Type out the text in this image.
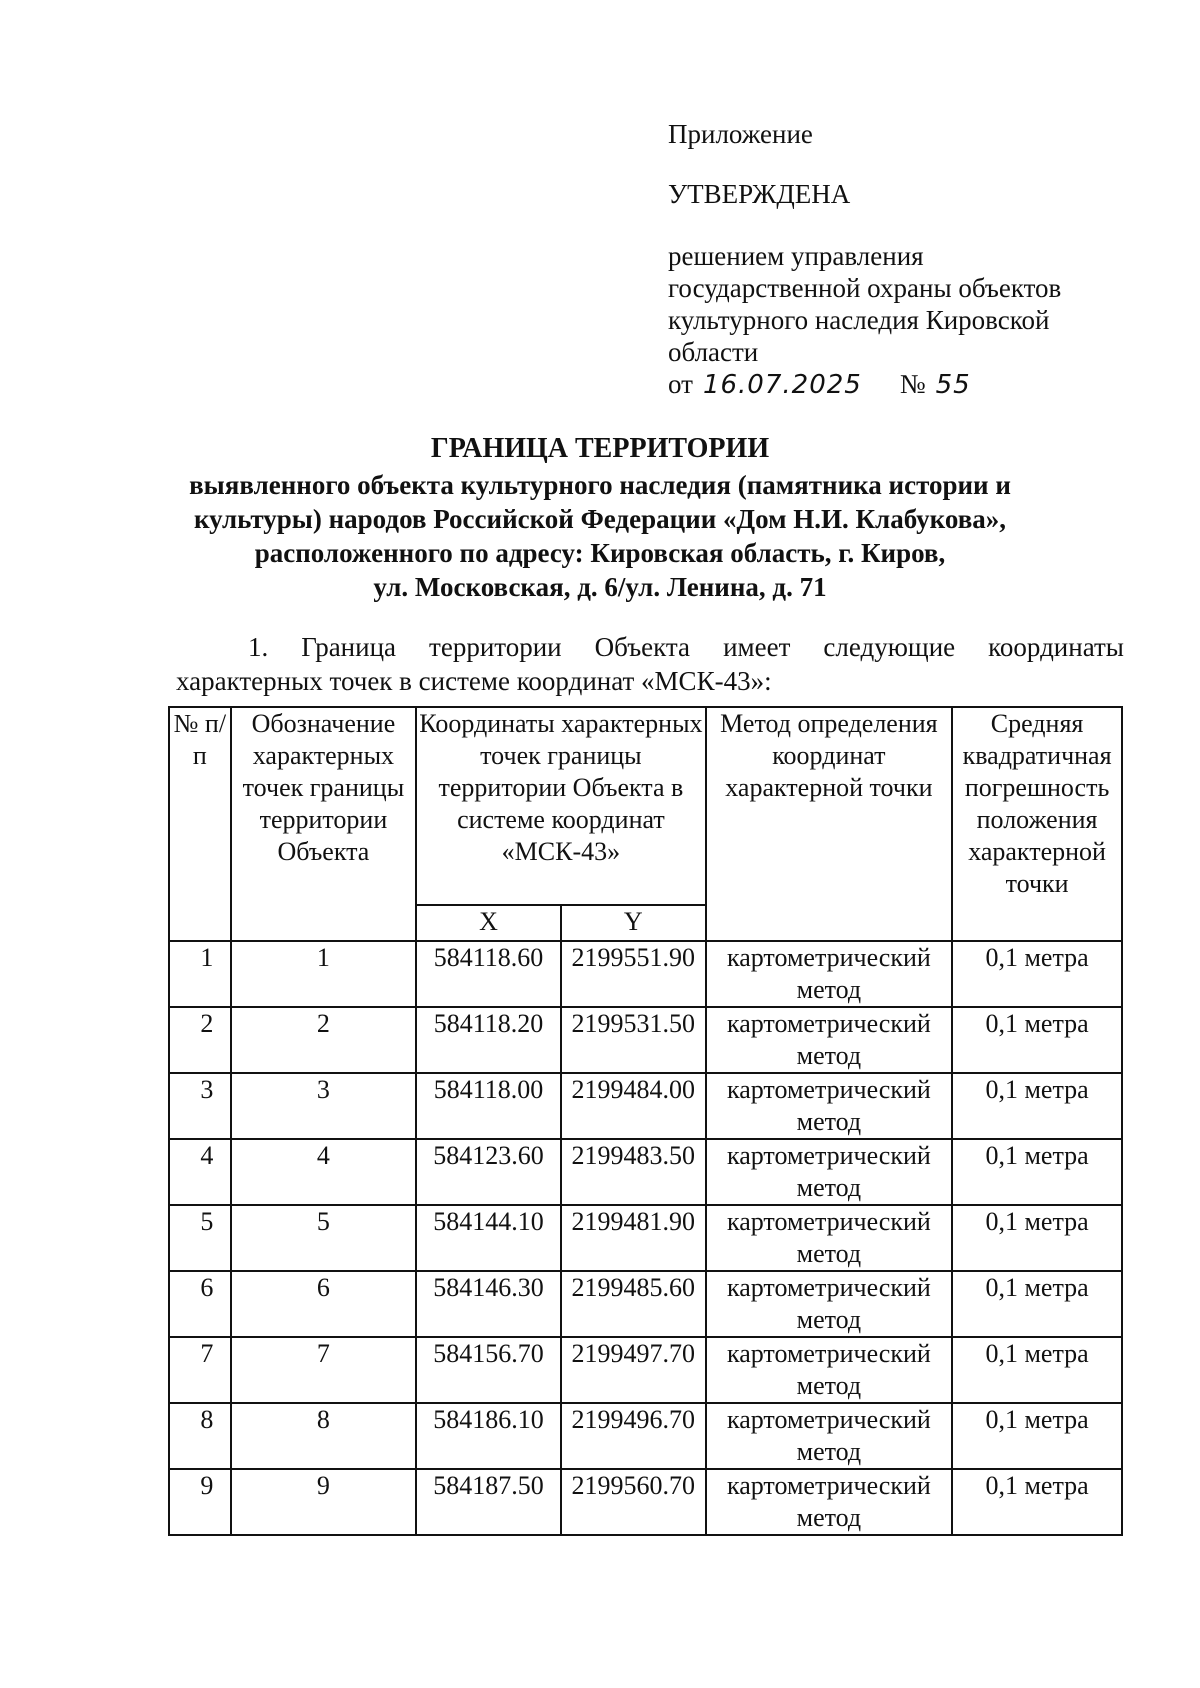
Приложение

УТВЕРЖДЕНА

решением управления

государственной охраны объектов

культурного наследия Кировской

области

от 16.07.2025 № 55
ГРАНИЦА ТЕРРИТОРИИ
выявленного объекта культурного наследия (памятника истории и
культуры) народов Российской Федерации «Дом Н.И. Клабукова»,
расположенного по адресу: Кировская область, г. Киров,
ул. Московская, д. 6/ул. Ленина, д. 71
1. Граница территории Объекта имеет следующие координаты
характерных точек в системе координат «МСК-43»:
№ п/п	Обозначение характерных точек границы территории Объекта	Координаты характерных точек границы территории Объекта в системе координат «МСК-43»		Метод определения координат характерной точки	Средняя квадратичная погрешность положения характерной точки
		X	Y		
1	1	584118.60	2199551.90	картометрический метод	0,1 метра
2	2	584118.20	2199531.50	картометрический метод	0,1 метра
3	3	584118.00	2199484.00	картометрический метод	0,1 метра
4	4	584123.60	2199483.50	картометрический метод	0,1 метра
5	5	584144.10	2199481.90	картометрический метод	0,1 метра
6	6	584146.30	2199485.60	картометрический метод	0,1 метра
7	7	584156.70	2199497.70	картометрический метод	0,1 метра
8	8	584186.10	2199496.70	картометрический метод	0,1 метра
9	9	584187.50	2199560.70	картометрический метод	0,1 метра
